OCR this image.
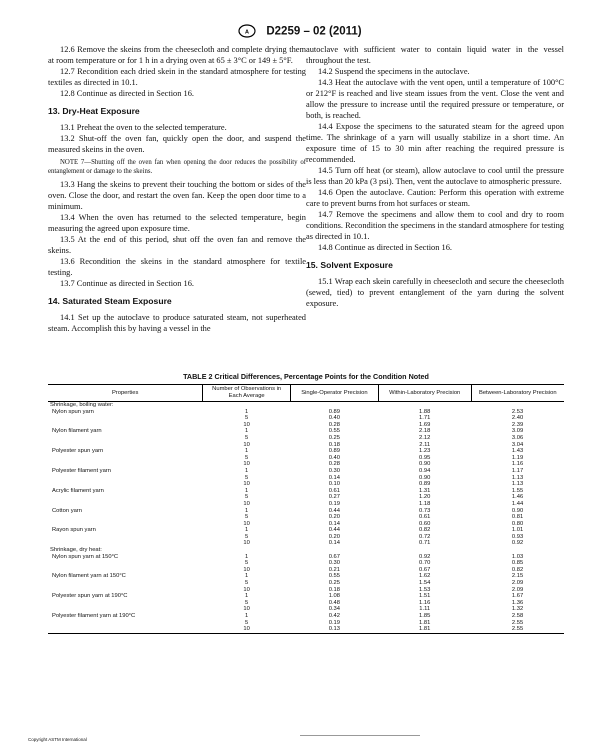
A D2259 – 02 (2011)

12.6 Remove the skeins from the cheesecloth and complete drying them at room temperature or for 1 h in a drying oven at 65 ± 3°C or 149 ± 5°F.

12.7 Recondition each dried skein in the standard atmosphere for testing textiles as directed in 10.1.

12.8 Continue as directed in Section 16.

13. Dry-Heat Exposure

13.1 Preheat the oven to the selected temperature.

13.2 Shut-off the oven fan, quickly open the door, and suspend the measured skeins in the oven.

NOTE 7—Shutting off the oven fan when opening the door reduces the possibility of entanglement or damage to the skeins.

13.3 Hang the skeins to prevent their touching the bottom or sides of the oven. Close the door, and restart the oven fan. Keep the open door time to a minimum.

13.4 When the oven has returned to the selected temperature, begin measuring the agreed upon exposure time.

13.5 At the end of this period, shut off the oven fan and remove the skeins.

13.6 Recondition the skeins in the standard atmosphere for textile testing.

13.7 Continue as directed in Section 16.

14. Saturated Steam Exposure

14.1 Set up the autoclave to produce saturated steam, not superheated steam. Accomplish this by having a vessel in the

autoclave with sufficient water to contain liquid water in the vessel throughout the test.

14.2 Suspend the specimens in the autoclave.

14.3 Heat the autoclave with the vent open, until a temperature of 100°C or 212°F is reached and live steam issues from the vent. Close the vent and allow the pressure to increase until the required pressure or temperature, or both, is reached.

14.4 Expose the specimens to the saturated steam for the agreed upon time. The shrinkage of a yarn will usually stabilize in a short time. An exposure time of 15 to 30 min after reaching the required pressure is recommended.

14.5 Turn off heat (or steam), allow autoclave to cool until the pressure is less than 20 kPa (3 psi). Then, vent the autoclave to atmospheric pressure.

14.6 Open the autoclave. Caution: Perform this operation with extreme care to prevent burns from hot surfaces or steam.

14.7 Remove the specimens and allow them to cool and dry to room conditions. Recondition the specimens in the standard atmosphere for testing as directed in 10.1.

14.8 Continue as directed in Section 16.

15. Solvent Exposure

15.1 Wrap each skein carefully in cheesecloth and secure the cheesecloth (sewed, tied) to prevent entanglement of the yarn during the solvent exposure.

TABLE 2 Critical Differences, Percentage Points for the Condition Noted
Properties	Number of Observations in Each Average	Single-Operator Precision	Within-Laboratory Precision	Between-Laboratory Precision
Shrinkage, boiling water:				
Nylon spun yarn	1	0.89	1.88	2.53
	5	0.40	1.71	2.40
	10	0.28	1.69	2.39
Nylon filament yarn	1	0.55	2.18	3.09
	5	0.25	2.12	3.06
	10	0.18	2.11	3.04
Polyester spun yarn	1	0.89	1.23	1.43
	5	0.40	0.95	1.19
	10	0.28	0.90	1.16
Polyester filament yarn	1	0.30	0.94	1.17
	5	0.14	0.90	1.13
	10	0.10	0.89	1.13
Acrylic filament yarn	1	0.61	1.31	1.55
	5	0.27	1.20	1.46
	10	0.19	1.18	1.44
Cotton yarn	1	0.44	0.73	0.90
	5	0.20	0.61	0.81
	10	0.14	0.60	0.80
Rayon spun yarn	1	0.44	0.82	1.01
	5	0.20	0.72	0.93
	10	0.14	0.71	0.92
Shrinkage, dry heat:				
Nylon spun yarn at 150°C	1	0.67	0.92	1.03
	5	0.30	0.70	0.85
	10	0.21	0.67	0.82
Nylon filament yarn at 150°C	1	0.55	1.62	2.15
	5	0.25	1.54	2.09
	10	0.18	1.53	2.09
Polyester spun yarn at 190°C	1	1.08	1.51	1.67
	5	0.48	1.16	1.36
	10	0.34	1.11	1.32
Polyester filament yarn at 190°C	1	0.42	1.85	2.58
	5	0.19	1.81	2.55
	10	0.13	1.81	2.55
Copyright ASTM International
